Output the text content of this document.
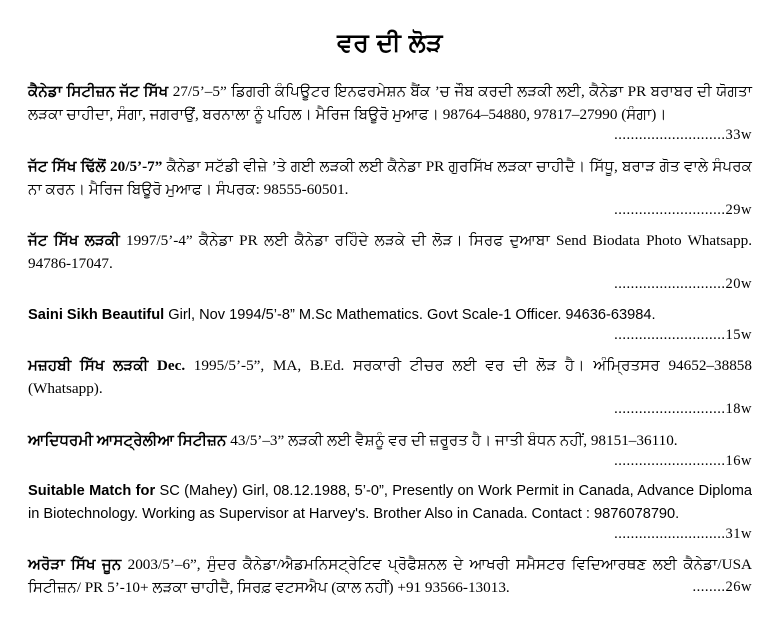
ਵਰ ਦੀ ਲੋੜ
ਕੈਨੇਡਾ ਸਿਟੀਜ਼ਨ ਜੱਟ ਸਿੱਖ 27/5’–5” ਡਿਗਰੀ ਕੰਪਿਊਟਰ ਇਨਫਰਮੇਸ਼ਨ ਬੈਂਕ ’ਚ ਜੌਬ ਕਰਦੀ ਲੜਕੀ ਲਈ, ਕੈਨੇਡਾ PR ਬਰਾਬਰ ਦੀ ਯੋਗਤਾ ਲੜਕਾ ਚਾਹੀਦਾ, ਸੰਗਾ, ਜਗਰਾਉਂ, ਬਰਨਾਲਾ ਨੂੰ ਪਹਿਲ। ਮੈਰਿਜ ਬਿਊਰੋ ਮੁਆਫ। 98764–54880, 97817–27990 (ਸੰਗਾ)।
...........................33w
ਜੱਟ ਸਿੱਖ ਢਿੱਲੋਂ 20/5’-7” ਕੈਨੇਡਾ ਸਟੱਡੀ ਵੀਜ਼ੇ ’ਤੇ ਗਈ ਲੜਕੀ ਲਈ ਕੈਨੇਡਾ PR ਗੁਰਸਿੱਖ ਲੜਕਾ ਚਾਹੀਦੈ। ਸਿੱਧੂ, ਬਰਾੜ ਗੋਤ ਵਾਲੇ ਸੰਪਰਕ ਨਾ ਕਰਨ। ਮੈਰਿਜ ਬਿਊਰੋ ਮੁਆਫ। ਸੰਪਰਕ: 98555-60501.
...........................29w
ਜੱਟ ਸਿੱਖ ਲੜਕੀ 1997/5’-4” ਕੈਨੇਡਾ PR ਲਈ ਕੈਨੇਡਾ ਰਹਿੰਦੇ ਲੜਕੇ ਦੀ ਲੋੜ। ਸਿਰਫ ਦੁਆਬਾ Send Biodata Photo Whatsapp. 94786-17047.
...........................20w
Saini Sikh Beautiful Girl, Nov 1994/5’-8” M.Sc Mathematics. Govt Scale-1 Officer. 94636-63984.
...........................15w
ਮਜ਼ਹਬੀ ਸਿੱਖ ਲੜਕੀ Dec. 1995/5’-5”, MA, B.Ed. ਸਰਕਾਰੀ ਟੀਚਰ ਲਈ ਵਰ ਦੀ ਲੋੜ ਹੈ। ਅੰਮ੍ਰਿਤਸਰ 94652–38858 (Whatsapp).
...........................18w
ਆਦਿਧਰਮੀ ਆਸਟ੍ਰੇਲੀਆ ਸਿਟੀਜ਼ਨ 43/5’–3” ਲੜਕੀ ਲਈ ਵੈਸ਼ਨੂੰ ਵਰ ਦੀ ਜ਼ਰੂਰਤ ਹੈ। ਜਾਤੀ ਬੰਧਨ ਨਹੀਂ, 98151–36110.
...........................16w
Suitable Match for SC (Mahey) Girl, 08.12.1988, 5’-0”, Presently on Work Permit in Canada, Advance Diploma in Biotechnology. Working as Supervisor at Harvey's. Brother Also in Canada. Contact : 9876078790.
...........................31w
ਅਰੋੜਾ ਸਿੱਖ ਜੂਨ 2003/5’–6”, ਸੁੰਦਰ ਕੈਨੇਡਾ/ਐਡਮਨਿਸਟ੍ਰੇਟਿਵ ਪ੍ਰੋਫੈਸ਼ਨਲ ਦੇ ਆਖਰੀ ਸਮੈਸਟਰ ਵਿਦਿਆਰਥਣ ਲਈ ਕੈਨੇਡਾ/USA ਸਿਟੀਜ਼ਨ/ PR 5’-10+ ਲੜਕਾ ਚਾਹੀਦੈ, ਸਿਰਫ਼ ਵਟਸਐਪ (ਕਾਲ ਨਹੀਂ) +91 93566-13013.	........26w
